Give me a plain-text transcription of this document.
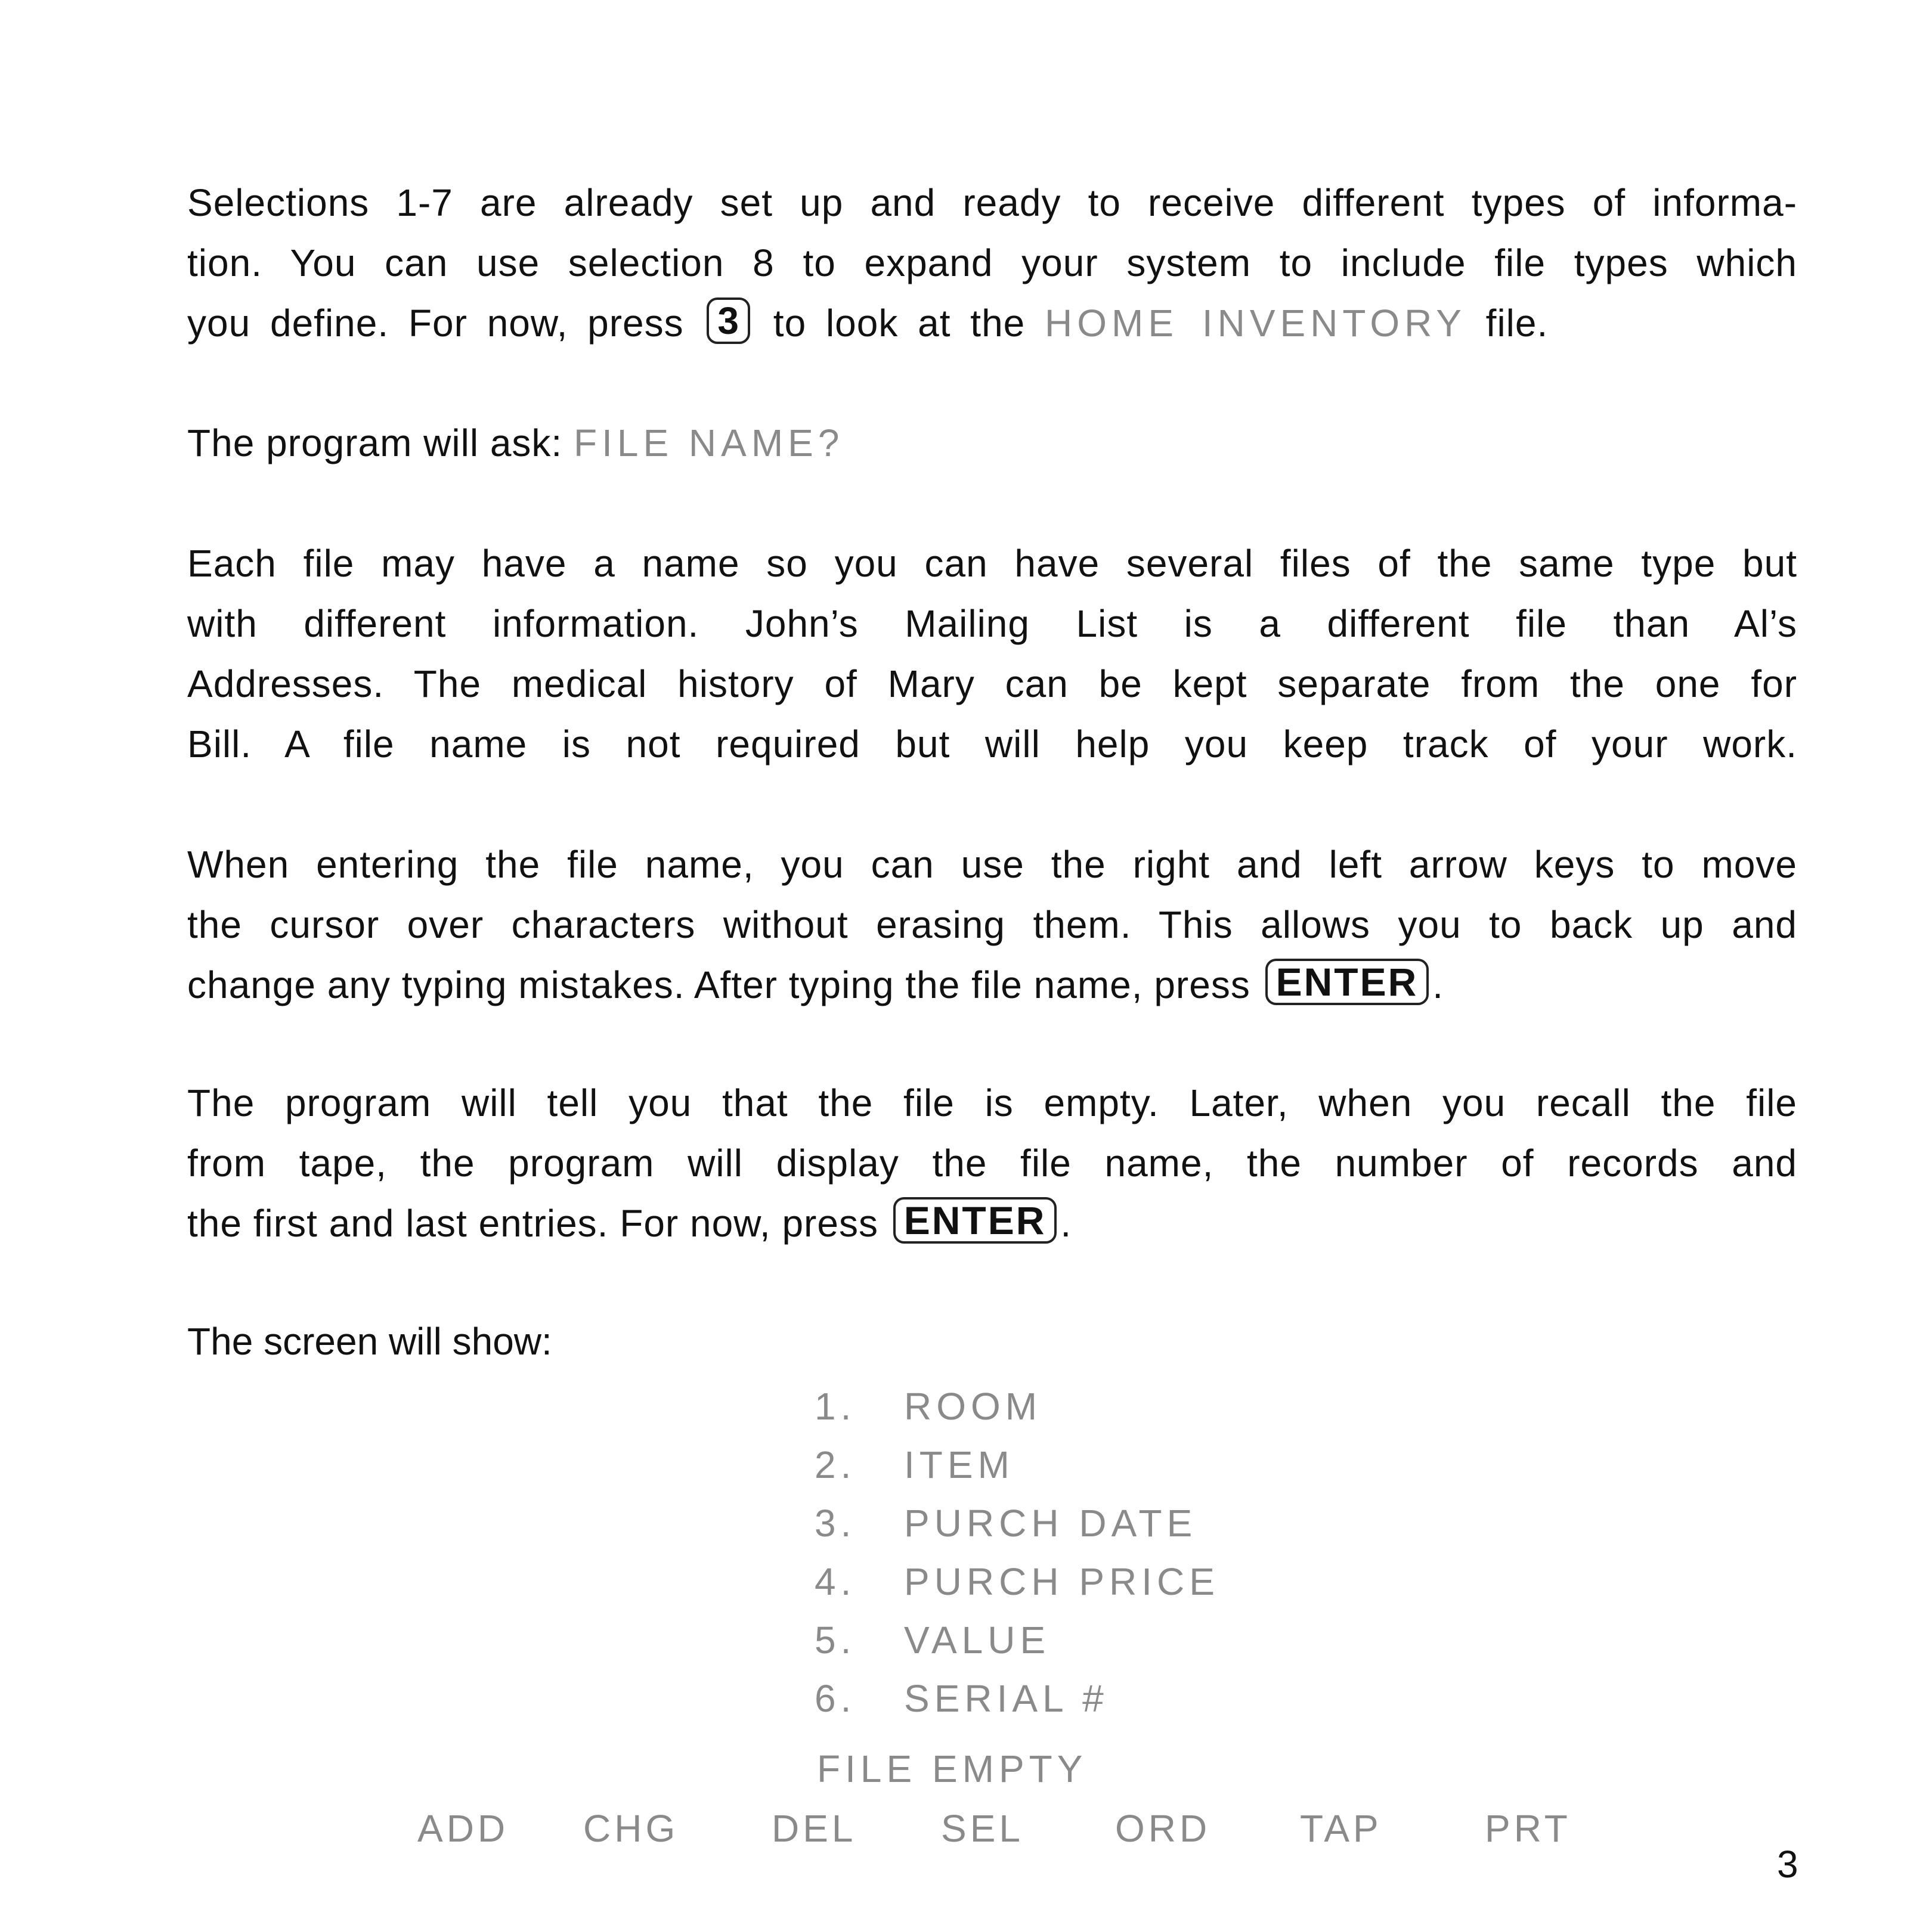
Selections 1-7 are already set up and ready to receive different types of informa-
tion. You can use selection 8 to expand your system to include file types which
you define. For now, press 3 to look at the HOME INVENTORY file.
The program will ask: FILE NAME?
Each file may have a name so you can have several files of the same type but
with different information. John’s Mailing List is a different file than Al’s
Addresses. The medical history of Mary can be kept separate from the one for
Bill. A file name is not required but will help you keep track of your work.
When entering the file name, you can use the right and left arrow keys to move
the cursor over characters without erasing them. This allows you to back up and
change any typing mistakes. After typing the file name, press ENTER .
The program will tell you that the file is empty. Later, when you recall the file
from tape, the program will display the file name, the number of records and
the first and last entries. For now, press ENTER .
The screen will show:
1. ROOM
2. ITEM
3. PURCH DATE
4. PURCH PRICE
5. VALUE
6. SERIAL #
FILE EMPTY
ADD CHG DEL SEL ORD TAP	PRT
3
